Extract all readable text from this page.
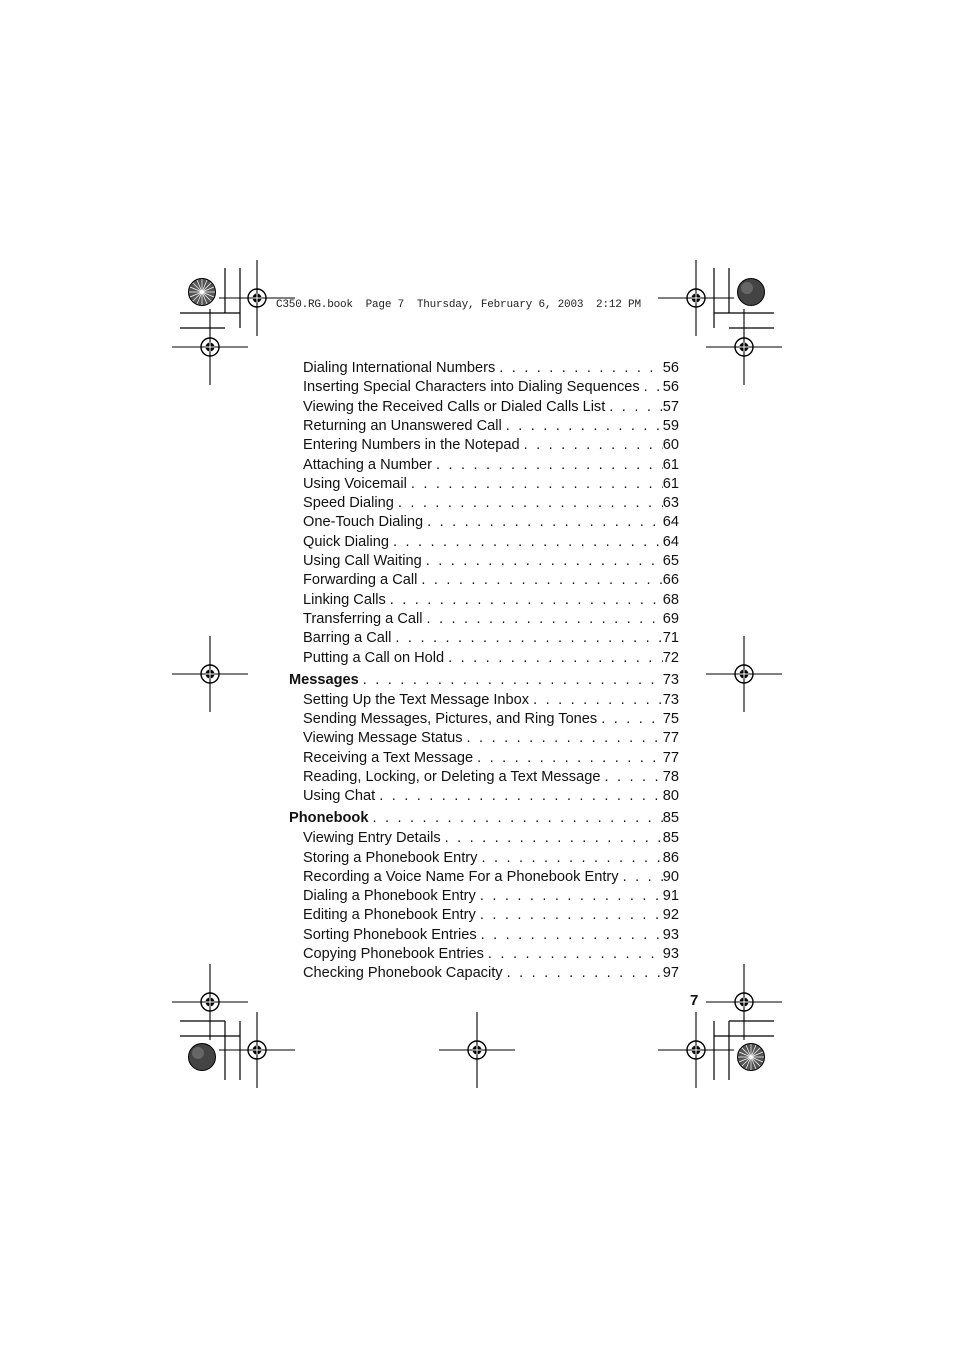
C350.RG.book  Page 7  Thursday, February 6, 2003  2:12 PM
Dialing International Numbers . . .	56
Inserting Special Characters into Dialing Sequences . . . 56
Viewing the Received Calls or Dialed Calls List . . .	57
Returning an Unanswered Call . . .	59
Entering Numbers in the Notepad . . .	60
Attaching a Number . . .	61
Using Voicemail . . .	61
Speed Dialing . . .	63
One-Touch Dialing . . .	64
Quick Dialing . . .	64
Using Call Waiting . . .	65
Forwarding a Call . . .	66
Linking Calls . . .	68
Transferring a Call . . .	69
Barring a Call . . .	71
Putting a Call on Hold . . .	72
Messages . . .	73
Setting Up the Text Message Inbox . . .	73
Sending Messages, Pictures, and Ring Tones . . .	75
Viewing Message Status . . .	77
Receiving a Text Message . . .	77
Reading, Locking, or Deleting a Text Message . . .	78
Using Chat . . .	80
Phonebook . . .	85
Viewing Entry Details . . .	85
Storing a Phonebook Entry . . .	86
Recording a Voice Name For a Phonebook Entry . . .	90
Dialing a Phonebook Entry . . .	91
Editing a Phonebook Entry . . .	92
Sorting Phonebook Entries . . .	93
Copying Phonebook Entries . . .	93
Checking Phonebook Capacity . . .	97
7
